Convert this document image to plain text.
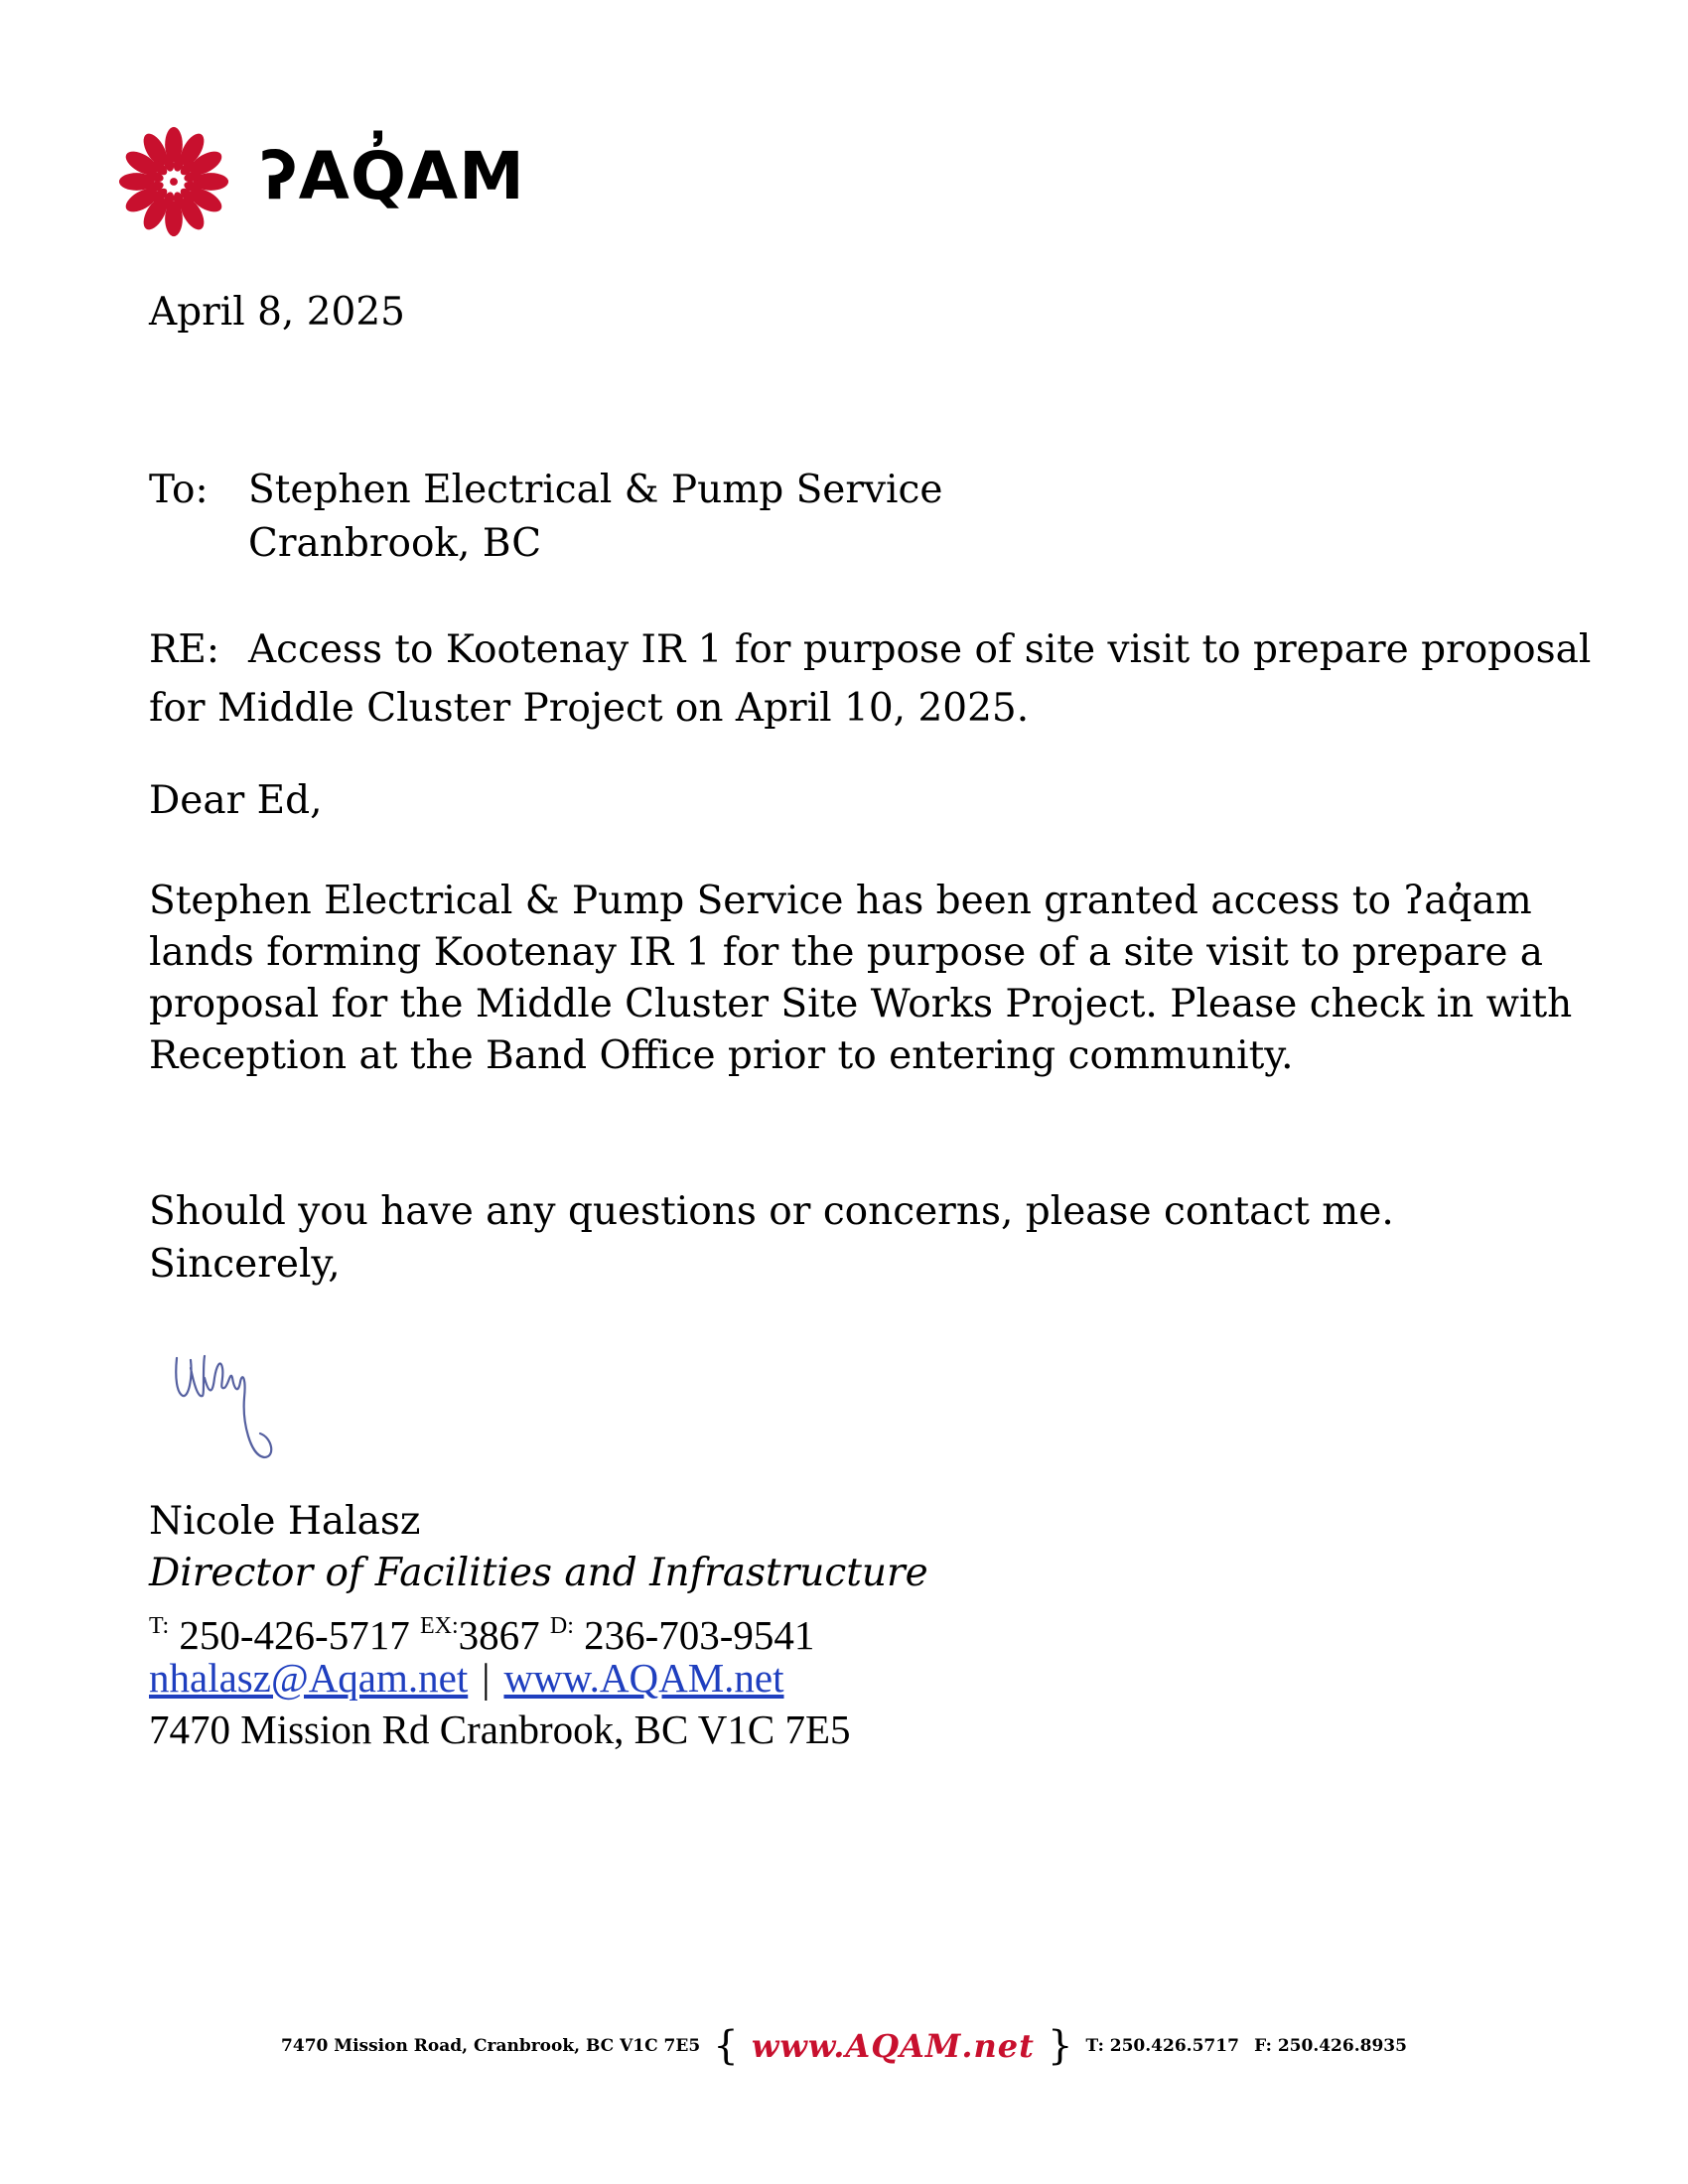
ʔAQ̓AM
April 8, 2025
To: Stephen Electrical & Pump Service
Cranbrook, BC
RE: Access to Kootenay IR 1 for purpose of site visit to prepare proposal
for Middle Cluster Project on April 10, 2025.
Dear Ed,
Stephen Electrical & Pump Service has been granted access to ʔaq̓am
lands forming Kootenay IR 1 for the purpose of a site visit to prepare a
proposal for the Middle Cluster Site Works Project. Please check in with
Reception at the Band Office prior to entering community.
Should you have any questions or concerns, please contact me.
Sincerely,
Nicole Halasz
Director of Facilities and Infrastructure
$^{T:}$ 250-426-5717 $^{EX:}$3867 $^{D:}$ 236-703-9541
nhalasz@Aqam.net | www.AQAM.net
7470 Mission Rd Cranbrook, BC V1C 7E5
7470 Mission Road, Cranbrook, BC V1C 7E5 { www.AQAM.net } T: 250.426.5717 F: 250.426.8935
